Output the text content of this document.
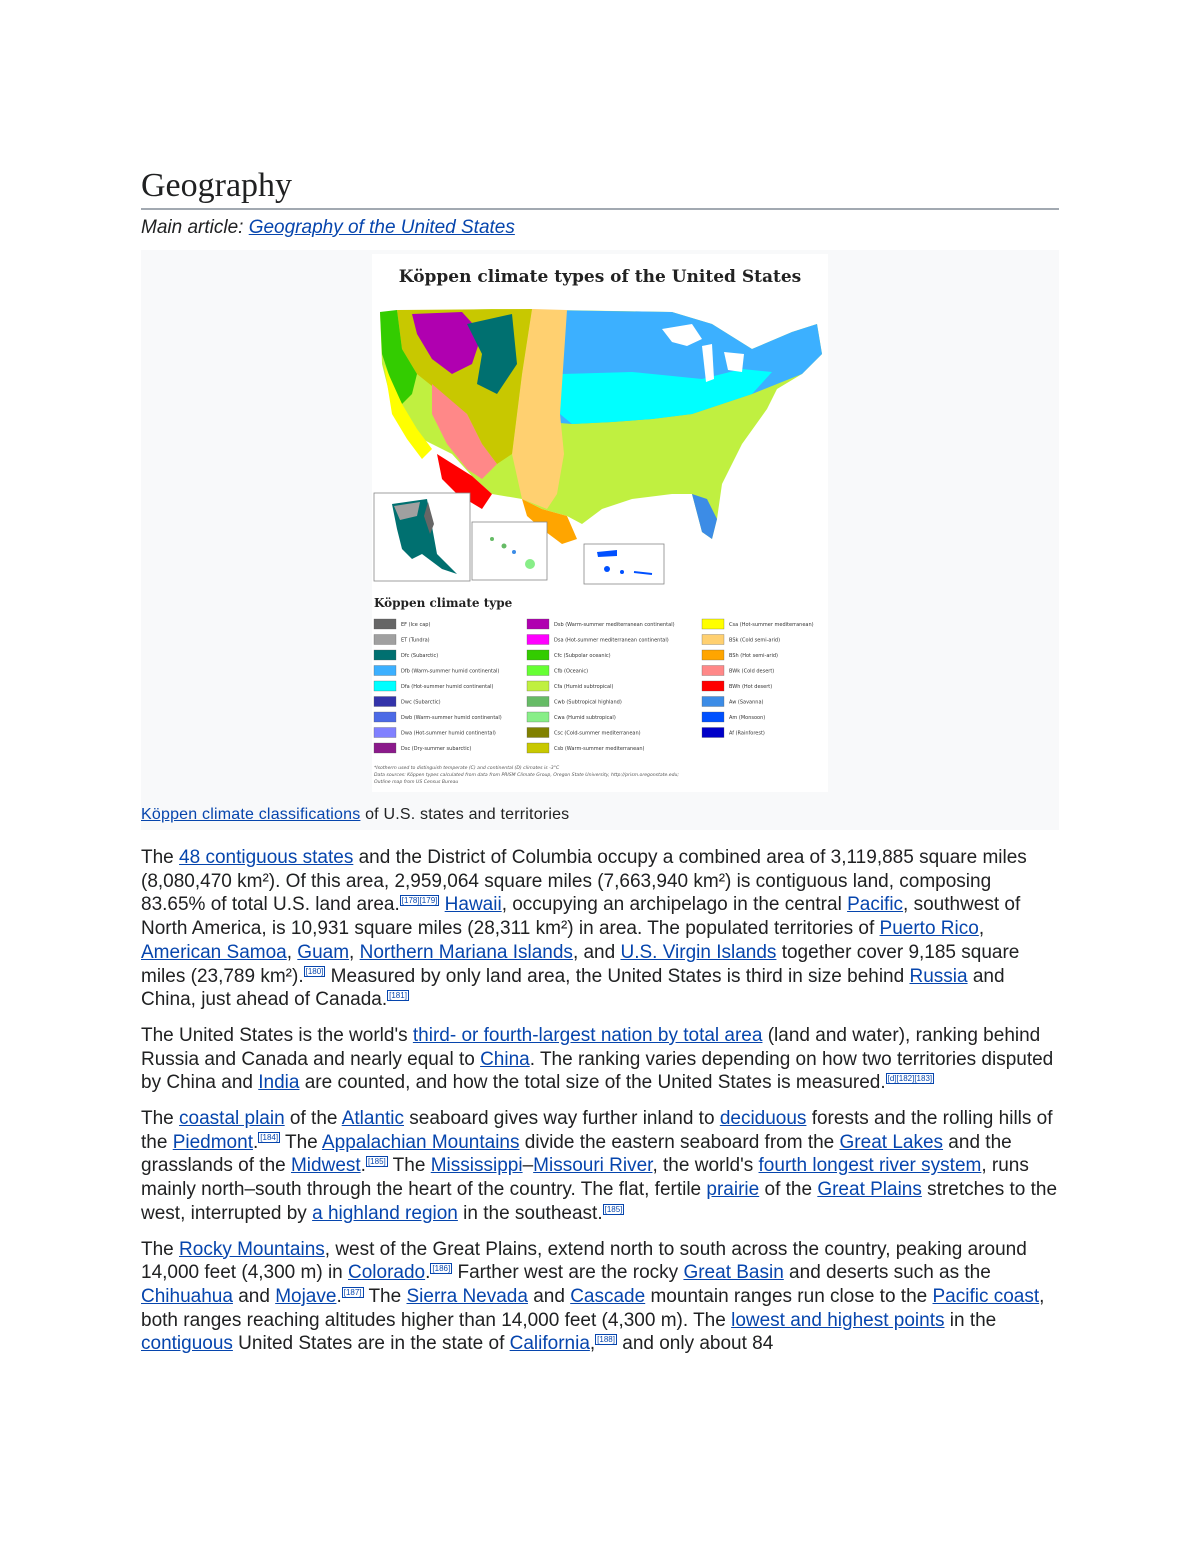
Geography
Main article: Geography of the United States
Köppen climate types of the United States
Köppen climate type
EF (Ice cap)	Dsb (Warm-summer mediterranean continental)	Csa (Hot-summer mediterranean)
ET (Tundra)	Dsa (Hot-summer mediterranean continental)	BSk (Cold semi-arid)
Dfc (Subarctic)	Cfc (Subpolar oceanic)	BSh (Hot semi-arid)
Dfb (Warm-summer humid continental)	Cfb (Oceanic)	BWk (Cold desert)
Dfa (Hot-summer humid continental)	Cfa (Humid subtropical)	BWh (Hot desert)
Dwc (Subarctic)	Cwb (Subtropical highland)	Aw (Savanna)
Dwb (Warm-summer humid continental)	Cwa (Humid subtropical)	Am (Monsoon)
Dwa (Hot-summer humid continental)	Csc (Cold-summer mediterranean)	Af (Rainforest)
Dsc (Dry-summer subarctic)	Csb (Warm-summer mediterranean)
*Isotherm used to distinguish temperate (C) and continental (D) climates is -3°C
Data sources: Köppen types calculated from data from PRISM Climate Group, Oregon State University, http://prism.oregonstate.edu;
Outline map from US Census Bureau
Köppen climate classifications of U.S. states and territories

The 48 contiguous states and the District of Columbia occupy a combined area of 3,119,885 square miles (8,080,470 km²). Of this area, 2,959,064 square miles (7,663,940 km²) is contiguous land, composing 83.65% of total U.S. land area. [178][179] Hawaii, occupying an archipelago in the central Pacific, southwest of North America, is 10,931 square miles (28,311 km²) in area. The populated territories of Puerto Rico, American Samoa, Guam, Northern Mariana Islands, and U.S. Virgin Islands together cover 9,185 square miles (23,789 km²). [180] Measured by only land area, the United States is third in size behind Russia and China, just ahead of Canada. [181]

The United States is the world's third- or fourth-largest nation by total area (land and water), ranking behind Russia and Canada and nearly equal to China. The ranking varies depending on how two territories disputed by China and India are counted, and how the total size of the United States is measured. [d][182][183]

The coastal plain of the Atlantic seaboard gives way further inland to deciduous forests and the rolling hills of the Piedmont. [184] The Appalachian Mountains divide the eastern seaboard from the Great Lakes and the grasslands of the Midwest. [185] The Mississippi–Missouri River, the world's fourth longest river system, runs mainly north–south through the heart of the country. The flat, fertile prairie of the Great Plains stretches to the west, interrupted by a highland region in the southeast. [185]

The Rocky Mountains, west of the Great Plains, extend north to south across the country, peaking around 14,000 feet (4,300 m) in Colorado. [186] Farther west are the rocky Great Basin and deserts such as the Chihuahua and Mojave. [187] The Sierra Nevada and Cascade mountain ranges run close to the Pacific coast, both ranges reaching altitudes higher than 14,000 feet (4,300 m). The lowest and highest points in the contiguous United States are in the state of California, [188] and only about 84
